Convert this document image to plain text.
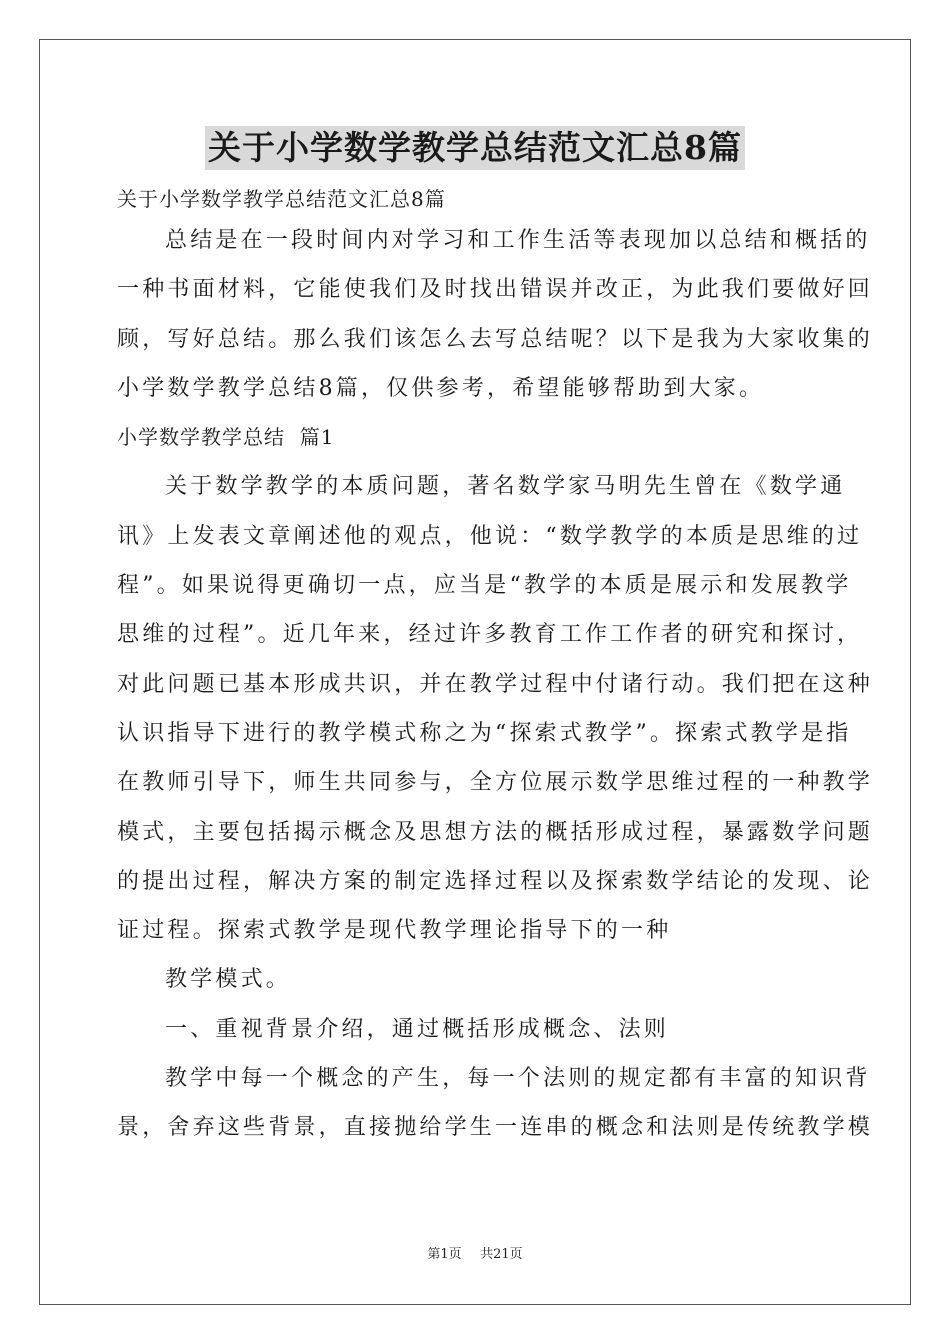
关于小学数学教学总结范文汇总8篇

关于小学数学教学总结范文汇总8篇

总结是在一段时间内对学习和工作生活等表现加以总结和概括的

一种书面材料，它能使我们及时找出错误并改正，为此我们要做好回

顾，写好总结。那么我们该怎么去写总结呢？以下是我为大家收集的

小学数学教学总结8篇，仅供参考，希望能够帮助到大家。

小学数学教学总结  篇1

关于数学教学的本质问题，著名数学家马明先生曾在《数学通

讯》上发表文章阐述他的观点，他说：“数学教学的本质是思维的过

程”。如果说得更确切一点，应当是“教学的本质是展示和发展教学

思维的过程”。近几年来，经过许多教育工作工作者的研究和探讨，

对此问题已基本形成共识，并在教学过程中付诸行动。我们把在这种

认识指导下进行的教学模式称之为“探索式教学”。探索式教学是指

在教师引导下，师生共同参与，全方位展示数学思维过程的一种教学

模式，主要包括揭示概念及思想方法的概括形成过程，暴露数学问题

的提出过程，解决方案的制定选择过程以及探索数学结论的发现、论

证过程。探索式教学是现代教学理论指导下的一种

教学模式。

一、重视背景介绍，通过概括形成概念、法则

教学中每一个概念的产生，每一个法则的规定都有丰富的知识背

景，舍弃这些背景，直接抛给学生一连串的概念和法则是传统教学模

第1页 共21页
